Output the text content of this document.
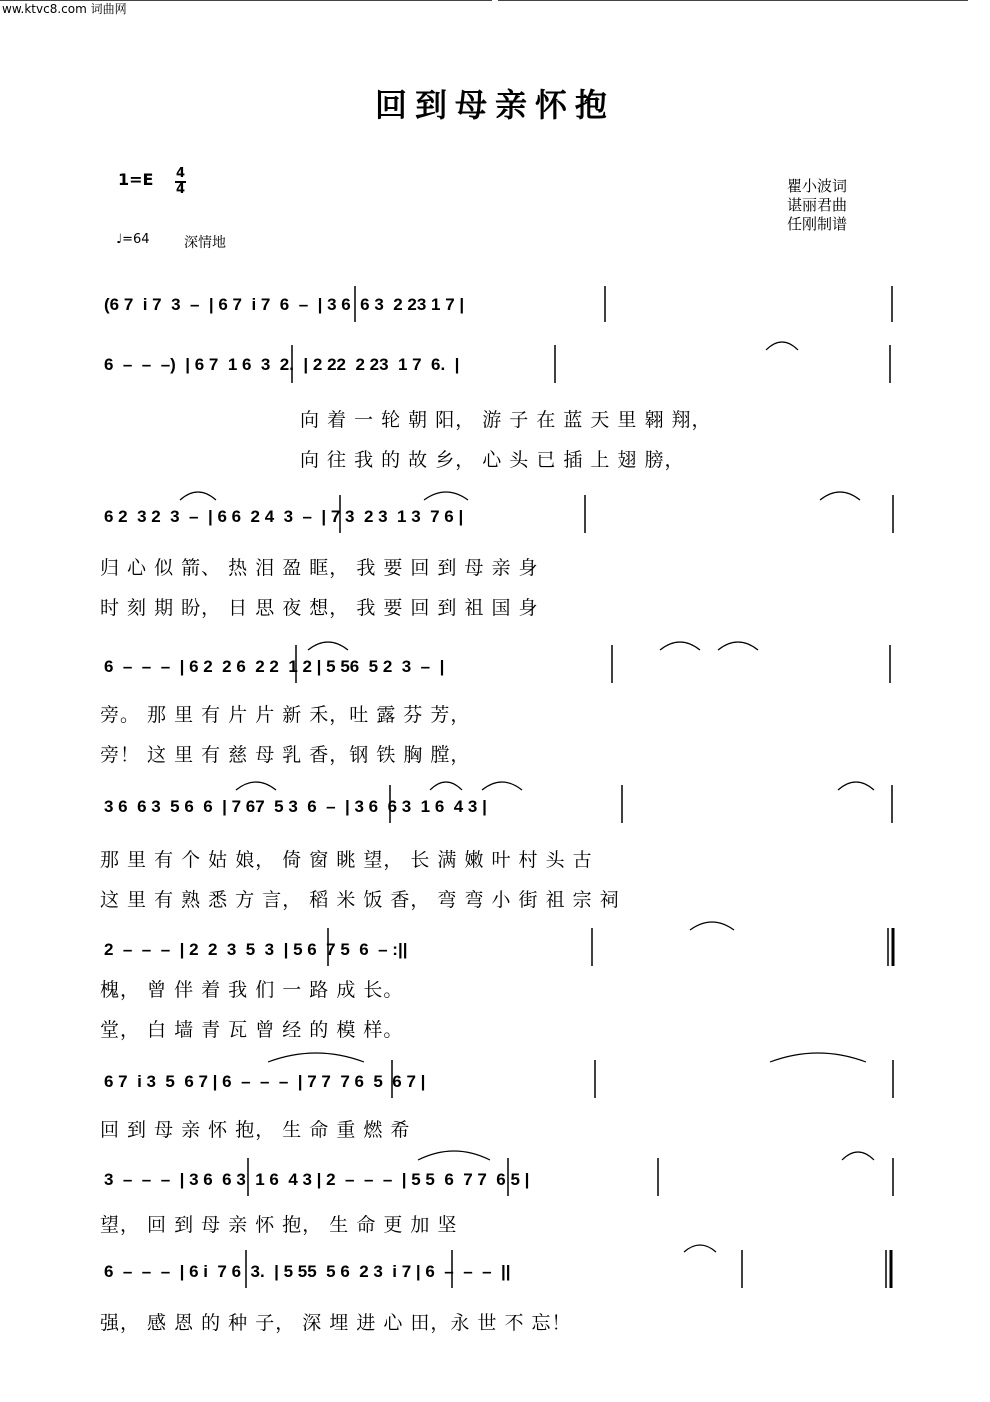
ww.ktvc8.com 词曲网
回到母亲怀抱
1=E 4
4
♩=64 深情地
瞿小波词
谌丽君曲
任刚制谱
(6 7  i 7  3  –  | 6 7  i 7  6  –  | 3 6  6 3  2 23 1 7 |
6  –  –  –)  | 6 7  1 6  3  2.  | 2 22  2 23  1 7  6.  |
6 2  3 2  3  –  | 6 6  2 4  3  –  | 7 3  2 3  1 3  7 6 |
6  –  –  –  | 6 2  2 6  2 2  1 2 | 5 56  5 2  3  –  |
3 6  6 3  5 6  6  | 7 67  5 3  6  –  | 3 6  6 3  1 6  4 3 |
2  –  –  –  | 2  2  3  5  3  | 5 6  7 5  6  – :||
6 7  i 3  5  6 7 | 6  –  –  –  | 7 7  7 6  5  6 7 |
3  –  –  –  | 3 6  6 3  1 6  4 3 | 2  –  –  –  | 5 5  6  7 7  6 5 |
6  –  –  –  | 6 i  7 6  3.  | 5 55  5 6  2 3  i 7 | 6  –  –  –  ||
向 着 一 轮 朝 阳， 游 子 在 蓝 天 里 翱 翔，
向 往 我 的 故 乡， 心 头 已 插 上 翅 膀，
归 心 似 箭、 热 泪 盈 眶， 我 要 回 到 母 亲 身
时 刻 期 盼， 日 思 夜 想， 我 要 回 到 祖 国 身
旁。 那 里 有 片 片 新 禾，吐 露 芬 芳，
旁！ 这 里 有 慈 母 乳 香，钢 铁 胸 膛，
那 里 有 个 姑 娘， 倚 窗 眺 望， 长 满 嫩 叶 村 头 古
这 里 有 熟 悉 方 言， 稻 米 饭 香， 弯 弯 小 街 祖 宗 祠
槐， 曾 伴 着 我 们 一 路 成 长。
堂， 白 墙 青 瓦 曾 经 的 模 样。
回 到 母 亲 怀 抱， 生 命 重 燃 希
望， 回 到 母 亲 怀 抱， 生 命 更 加 坚
强， 感 恩 的 种 子， 深 埋 进 心 田，永 世 不 忘！
